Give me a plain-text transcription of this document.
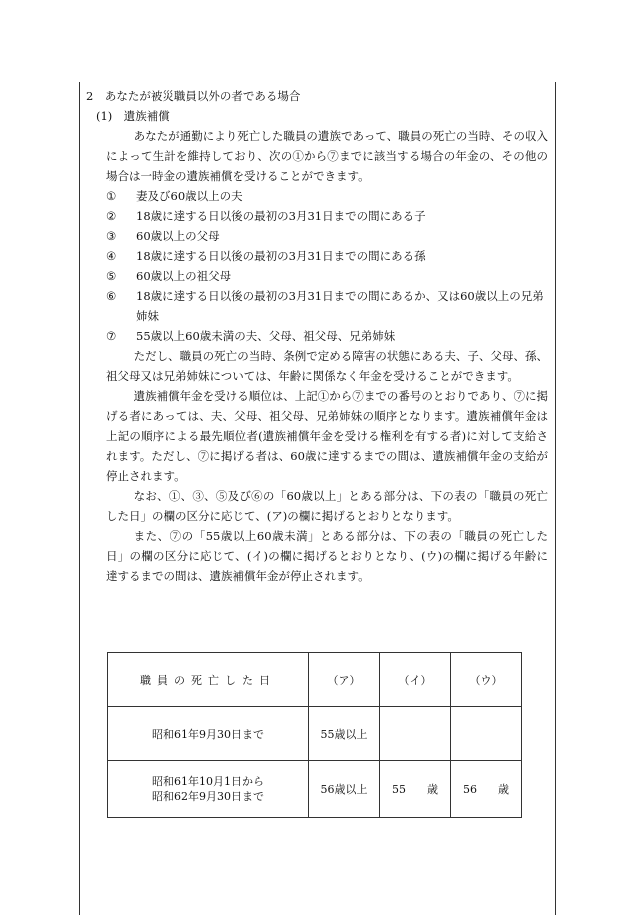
2　あなたが被災職員以外の者である場合

(1)　遺族補償

あなたが通勤により死亡した職員の遺族であって、職員の死亡の当時、その収入によって生計を維持しており、次の①から⑦までに該当する場合の年金の、その他の場合は一時金の遺族補償を受けることができます。

①	妻及び60歳以上の夫
②	18歳に達する日以後の最初の3月31日までの間にある子
③	60歳以上の父母
④	18歳に達する日以後の最初の3月31日までの間にある孫
⑤	60歳以上の祖父母
⑥	18歳に達する日以後の最初の3月31日までの間にあるか、又は60歳以上の兄弟姉妹
⑦	55歳以上60歳未満の夫、父母、祖父母、兄弟姉妹

ただし、職員の死亡の当時、条例で定める障害の状態にある夫、子、父母、孫、祖父母又は兄弟姉妹については、年齢に関係なく年金を受けることができます。

遺族補償年金を受ける順位は、上記①から⑦までの番号のとおりであり、⑦に掲げる者にあっては、夫、父母、祖父母、兄弟姉妹の順序となります。遺族補償年金は上記の順序による最先順位者(遺族補償年金を受ける権利を有する者)に対して支給されます。ただし、⑦に掲げる者は、60歳に達するまでの間は、遺族補償年金の支給が停止されます。

なお、①、③、⑤及び⑥の「60歳以上」とある部分は、下の表の「職員の死亡した日」の欄の区分に応じて、(ア)の欄に掲げるとおりとなります。

また、⑦の「55歳以上60歳未満」とある部分は、下の表の「職員の死亡した日」の欄の区分に応じて、(イ)の欄に掲げるとおりとなり、(ウ)の欄に掲げる年齢に達するまでの間は、遺族補償年金が停止されます。

職員の死亡した日	（ア）	（イ）	（ウ）
昭和61年9月30日まで	55歳以上		
昭和61年10月1日から
昭和62年9月30日まで	56歳以上	55 歳	56 歳
